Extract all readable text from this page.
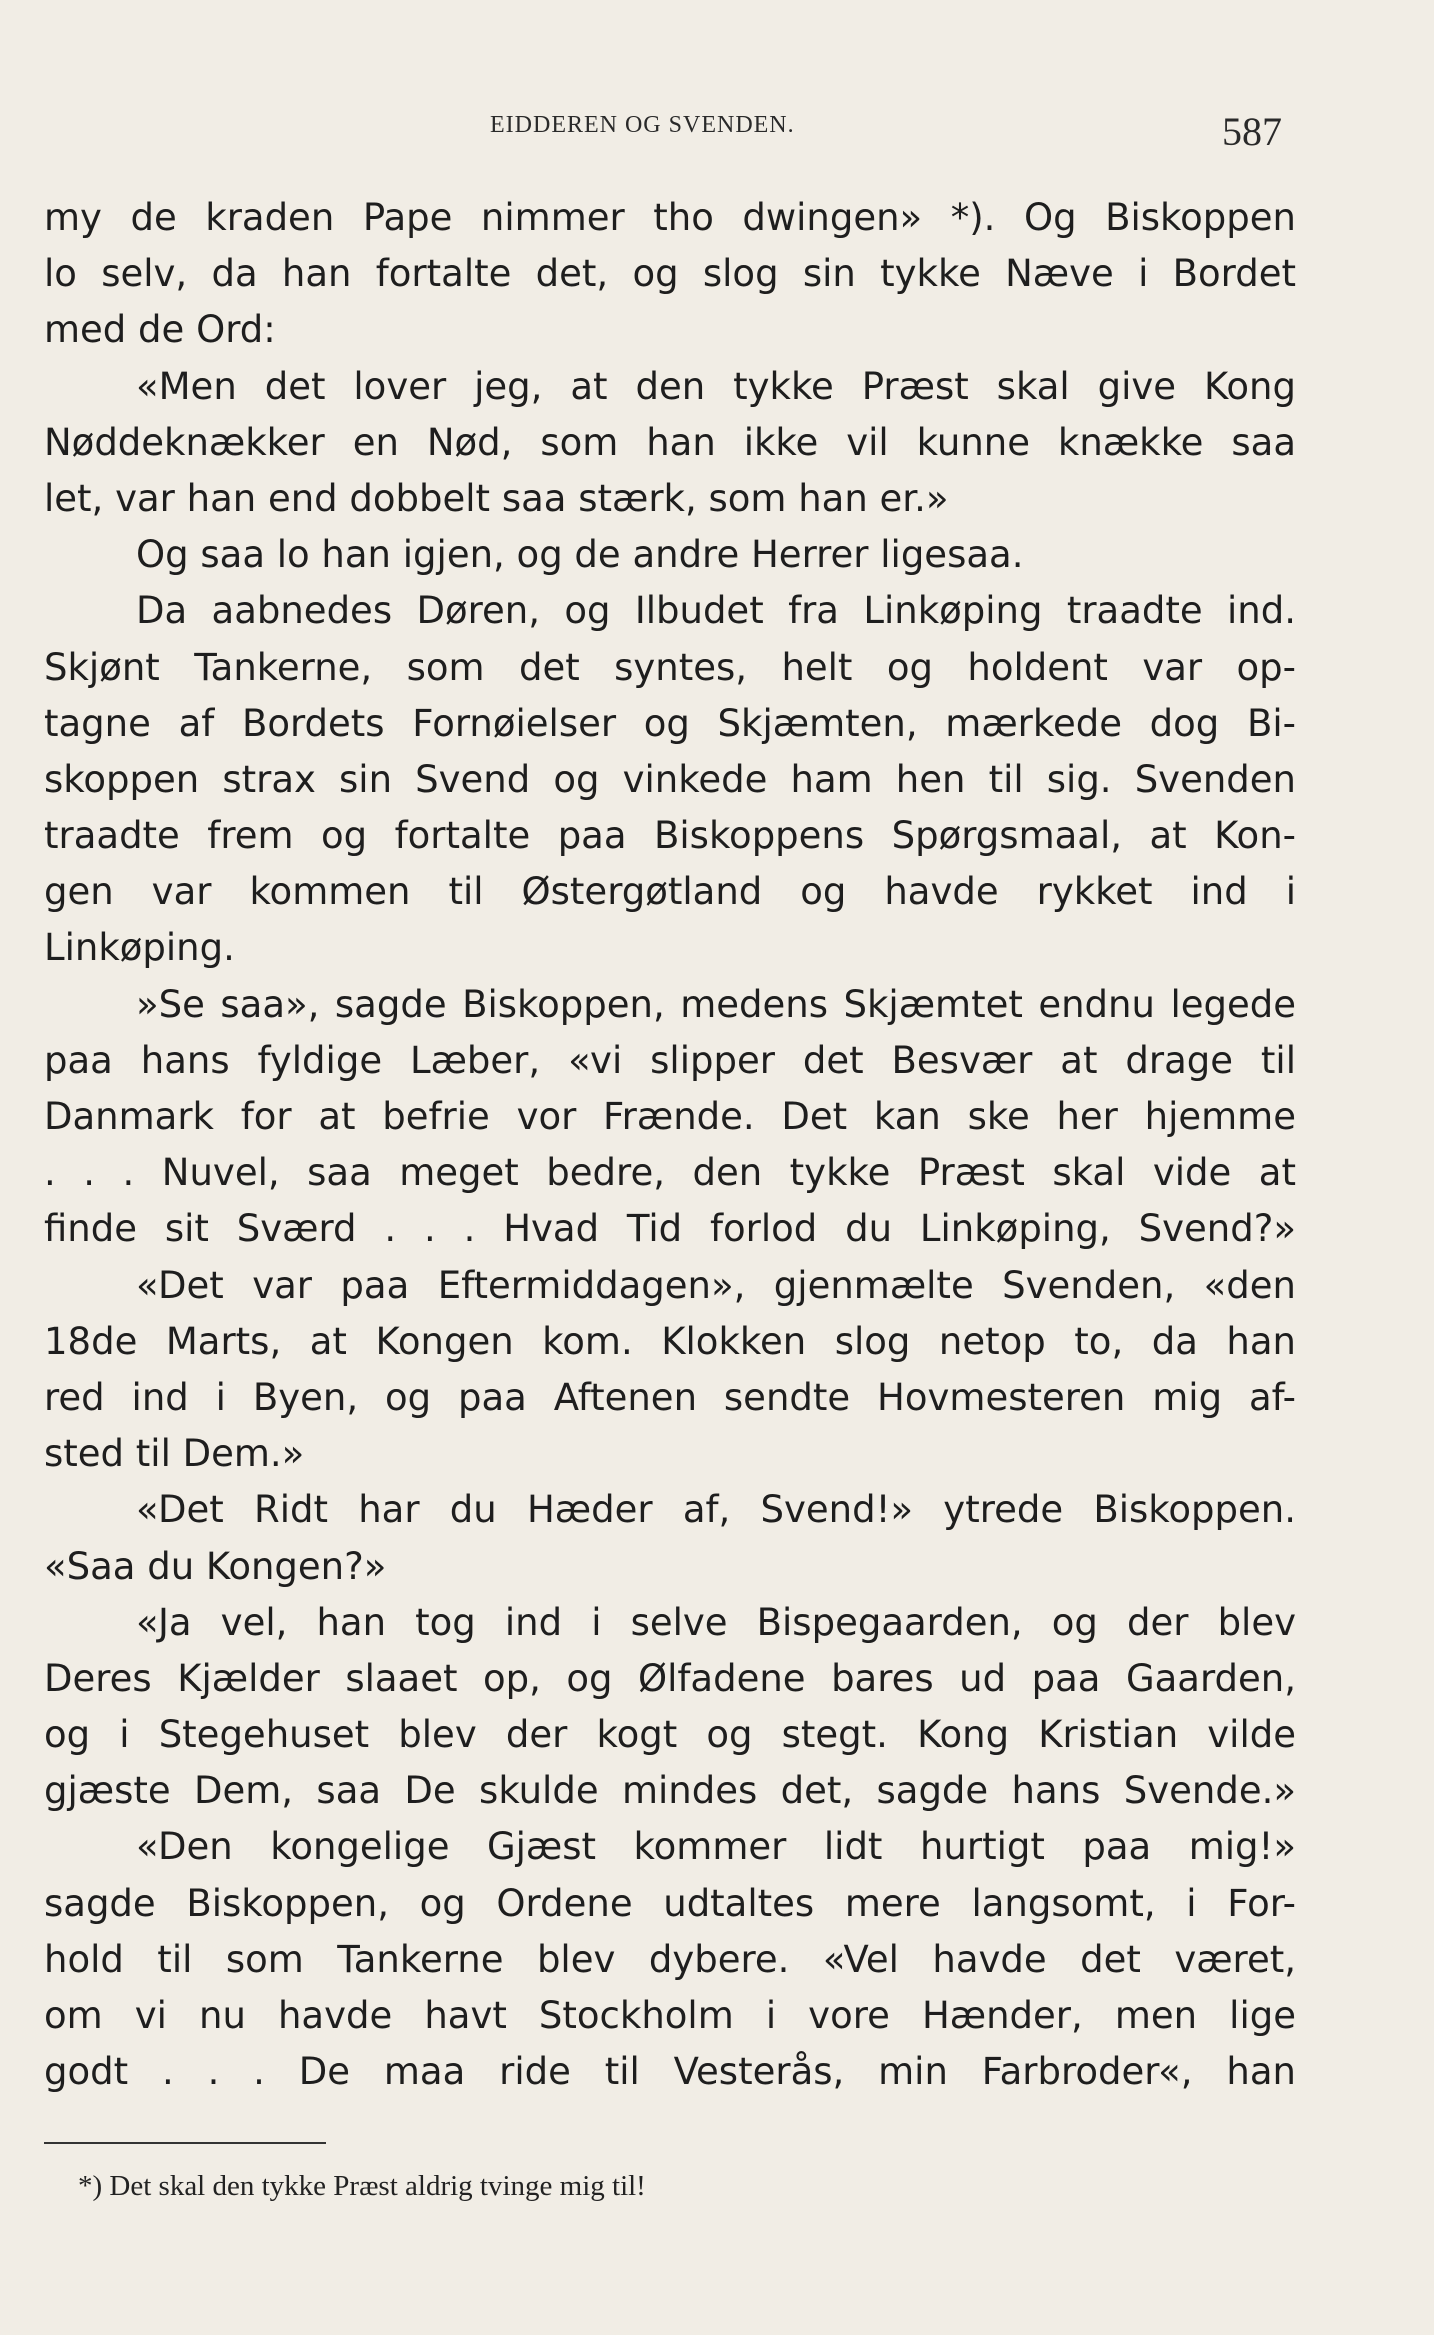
EIDDEREN OG SVENDEN.	587
my de kraden Pape nimmer tho dwingen» *). Og Biskoppen
lo selv, da han fortalte det, og slog sin tykke Næve i Bordet
med de Ord:
«Men det lover jeg, at den tykke Præst skal give Kong
Nøddeknækker en Nød, som han ikke vil kunne knække saa
let, var han end dobbelt saa stærk, som han er.»
Og saa lo han igjen, og de andre Herrer ligesaa.
Da aabnedes Døren, og Ilbudet fra Linkøping traadte ind.
Skjønt Tankerne, som det syntes, helt og holdent var op-
tagne af Bordets Fornøielser og Skjæmten, mærkede dog Bi-
skoppen strax sin Svend og vinkede ham hen til sig. Svenden
traadte frem og fortalte paa Biskoppens Spørgsmaal, at Kon-
gen var kommen til Østergøtland og havde rykket ind i
Linkøping.
»Se saa», sagde Biskoppen, medens Skjæmtet endnu legede
paa hans fyldige Læber, «vi slipper det Besvær at drage til
Danmark for at befrie vor Frænde. Det kan ske her hjemme
. . . Nuvel, saa meget bedre, den tykke Præst skal vide at
finde sit Sværd . . . Hvad Tid forlod du Linkøping, Svend?»
«Det var paa Eftermiddagen», gjenmælte Svenden, «den
18de Marts, at Kongen kom. Klokken slog netop to, da han
red ind i Byen, og paa Aftenen sendte Hovmesteren mig af-
sted til Dem.»
«Det Ridt har du Hæder af, Svend!» ytrede Biskoppen.
«Saa du Kongen?»
«Ja vel, han tog ind i selve Bispegaarden, og der blev
Deres Kjælder slaaet op, og Ølfadene bares ud paa Gaarden,
og i Stegehuset blev der kogt og stegt. Kong Kristian vilde
gjæste Dem, saa De skulde mindes det, sagde hans Svende.»
«Den kongelige Gjæst kommer lidt hurtigt paa mig!»
sagde Biskoppen, og Ordene udtaltes mere langsomt, i For-
hold til som Tankerne blev dybere. «Vel havde det været,
om vi nu havde havt Stockholm i vore Hænder, men lige
godt . . . De maa ride til Vesterås, min Farbroder«, han
*) Det skal den tykke Præst aldrig tvinge mig til!
